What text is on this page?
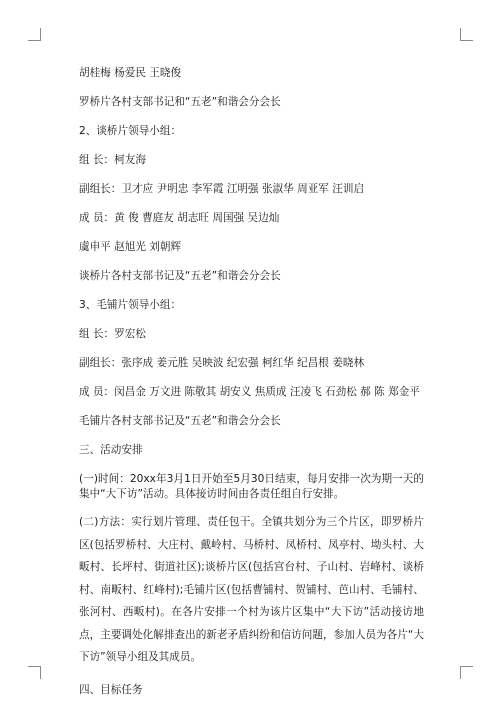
胡桂梅 杨爱民 王晓俊

罗桥片各村支部书记和“五老”和谐会分会长

2、谈桥片领导小组：

组 长：柯友海

副组长：卫才应 尹明忠 李军霞 江明强 张淑华 周亚军 汪训启

成 员：黄 俊 曹庭友 胡志旺 周国强 吴边灿

虞申平 赵旭光 刘朝辉

谈桥片各村支部书记及“五老”和谐会分会长

3、毛铺片领导小组：

组 长：罗宏松

副组长：张序成 姜元胜 吴映波 纪宏强 柯红华 纪昌根 姜晓林

成 员：闵昌金 万文进 陈敬其 胡安义 焦质成 汪凌飞 石劲松 郝 陈 郑金平

毛铺片各村支部书记及“五老”和谐会分会长

三、活动安排

(一)时间：20xx年3月1日开始至5月30日结束，每月安排一次为期一天的集中“大下访”活动。具体接访时间由各责任组自行安排。

(二)方法：实行划片管理、责任包干。全镇共划分为三个片区，即罗桥片区(包括罗桥村、大庄村、戴岭村、马桥村、凤桥村、凤亭村、坳头村、大畈村、长坪村、街道社区);谈桥片区(包括宫台村、子山村、岩峰村、谈桥村、南畈村、红峰村);毛铺片区(包括曹铺村、贺铺村、芭山村、毛铺村、张河村、西畈村)。在各片安排一个村为该片区集中“大下访”活动接访地点，主要调处化解排查出的新老矛盾纠纷和信访问题，参加人员为各片“大下访”领导小组及其成员。

四、目标任务
